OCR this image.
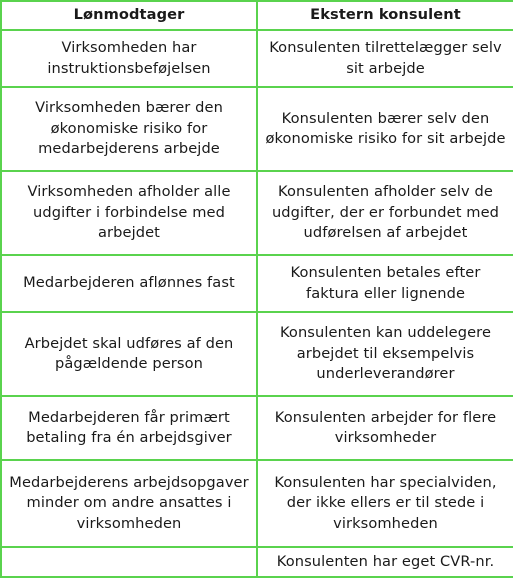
Lønmodtager	Ekstern konsulent
Virksomheden har instruktionsbeføjelsen	Konsulenten tilrettelægger selv sit arbejde
Virksomheden bærer den økonomiske risiko for medarbejderens arbejde	Konsulenten bærer selv den økonomiske risiko for sit arbejde
Virksomheden afholder alle udgifter i forbindelse med arbejdet	Konsulenten afholder selv de udgifter, der er forbundet med udførelsen af arbejdet
Medarbejderen aflønnes fast	Konsulenten betales efter faktura eller lignende
Arbejdet skal udføres af den pågældende person	Konsulenten kan uddelegere arbejdet til eksempelvis underleverandører
Medarbejderen får primært betaling fra én arbejdsgiver	Konsulenten arbejder for flere virksomheder
Medarbejderens arbejdsopgaver minder om andre ansattes i virksomheden	Konsulenten har specialviden, der ikke ellers er til stede i virksomheden
	Konsulenten har eget CVR-nr.
